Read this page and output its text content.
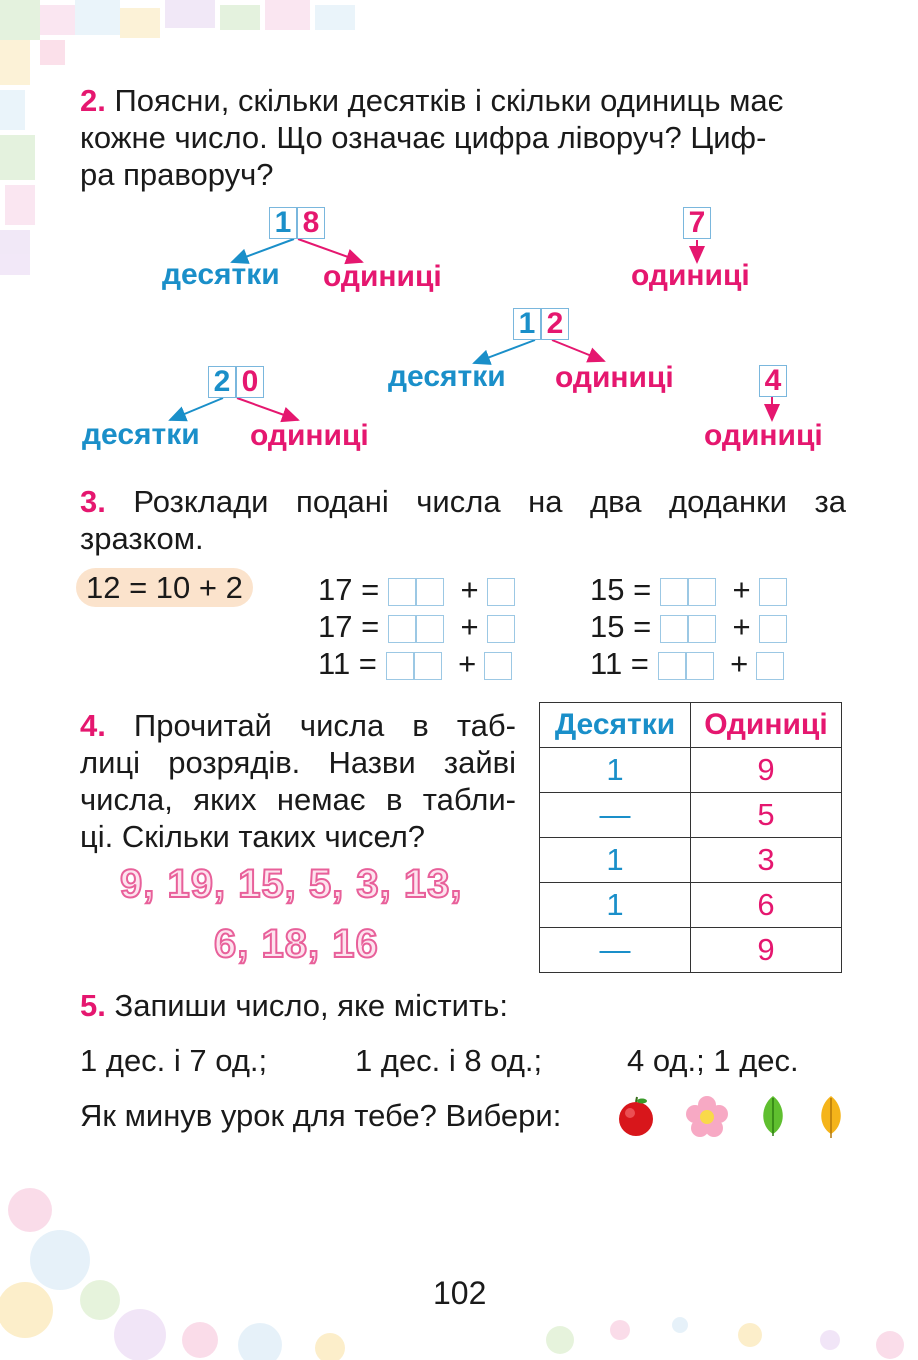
2. Поясни, скільки десятків і скільки одиниць має
кожне число. Що означає цифра ліворуч? Циф-
ра праворуч?
1 8
десятки одиниці
7
одиниці
1 2
десятки одиниці
2 0
десятки одиниці
4
одиниці
3. Розклади подані числа на два доданки за
зразком.
12 = 10 + 2	17 =	+
17 =	+
11 =	+
15 =	+
15 =	+
11 =	+
4. Прочитай числа в таб-
лиці розрядів. Назви зайві
числа, яких немає в табли-
ці. Скільки таких чисел?
9, 19, 15, 5, 3, 13,
6, 18, 16
Десятки	Одиниці
1	9
—	5
1	3
1	6
—	9
5. Запиши число, яке містить:
1 дес. і 7 од.;	1 дес. і 8 од.;	4 од.; 1 дес.
Як минув урок для тебе? Вибери:
102
